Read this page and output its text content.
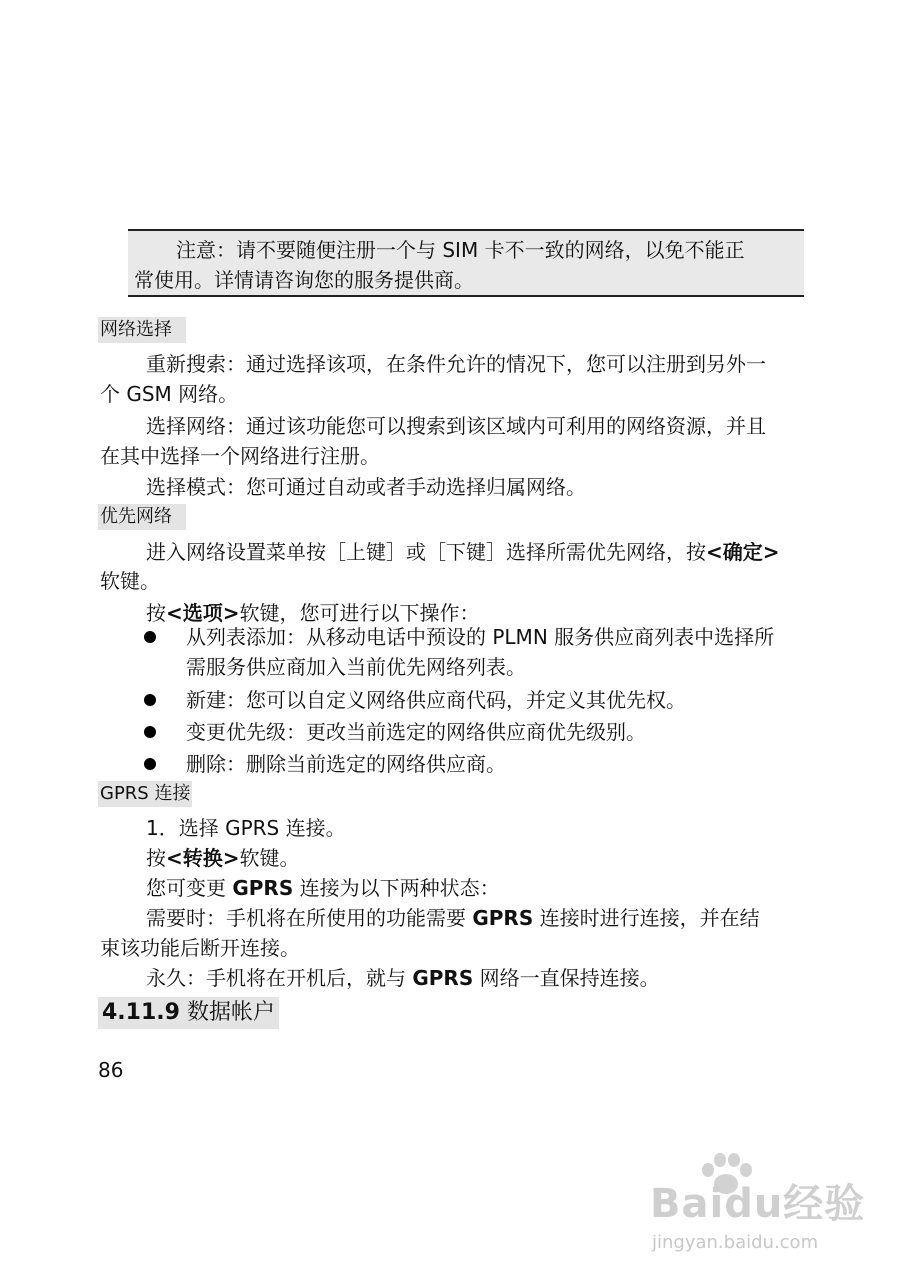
注意：请不要随便注册一个与 SIM 卡不一致的网络，以免不能正
常使用。详情请咨询您的服务提供商。
网络选择
重新搜索：通过选择该项，在条件允许的情况下，您可以注册到另外一
个 GSM 网络。
选择网络：通过该功能您可以搜索到该区域内可利用的网络资源，并且
在其中选择一个网络进行注册。
选择模式：您可通过自动或者手动选择归属网络。
优先网络
进入网络设置菜单按［上键］或［下键］选择所需优先网络，按<确定>
软键。
按<选项>软键，您可进行以下操作：
从列表添加：从移动电话中预设的 PLMN 服务供应商列表中选择所
需服务供应商加入当前优先网络列表。
新建：您可以自定义网络供应商代码，并定义其优先权。
变更优先级：更改当前选定的网络供应商优先级别。
删除：删除当前选定的网络供应商。
GPRS 连接
1．选择 GPRS 连接。
按<转换>软键。
您可变更 GPRS 连接为以下两种状态：
需要时：手机将在所使用的功能需要 GPRS 连接时进行连接，并在结
束该功能后断开连接。
永久：手机将在开机后，就与 GPRS 网络一直保持连接。
4.11.9 数据帐户
86
Baidu经验
jingyan.baidu.com
